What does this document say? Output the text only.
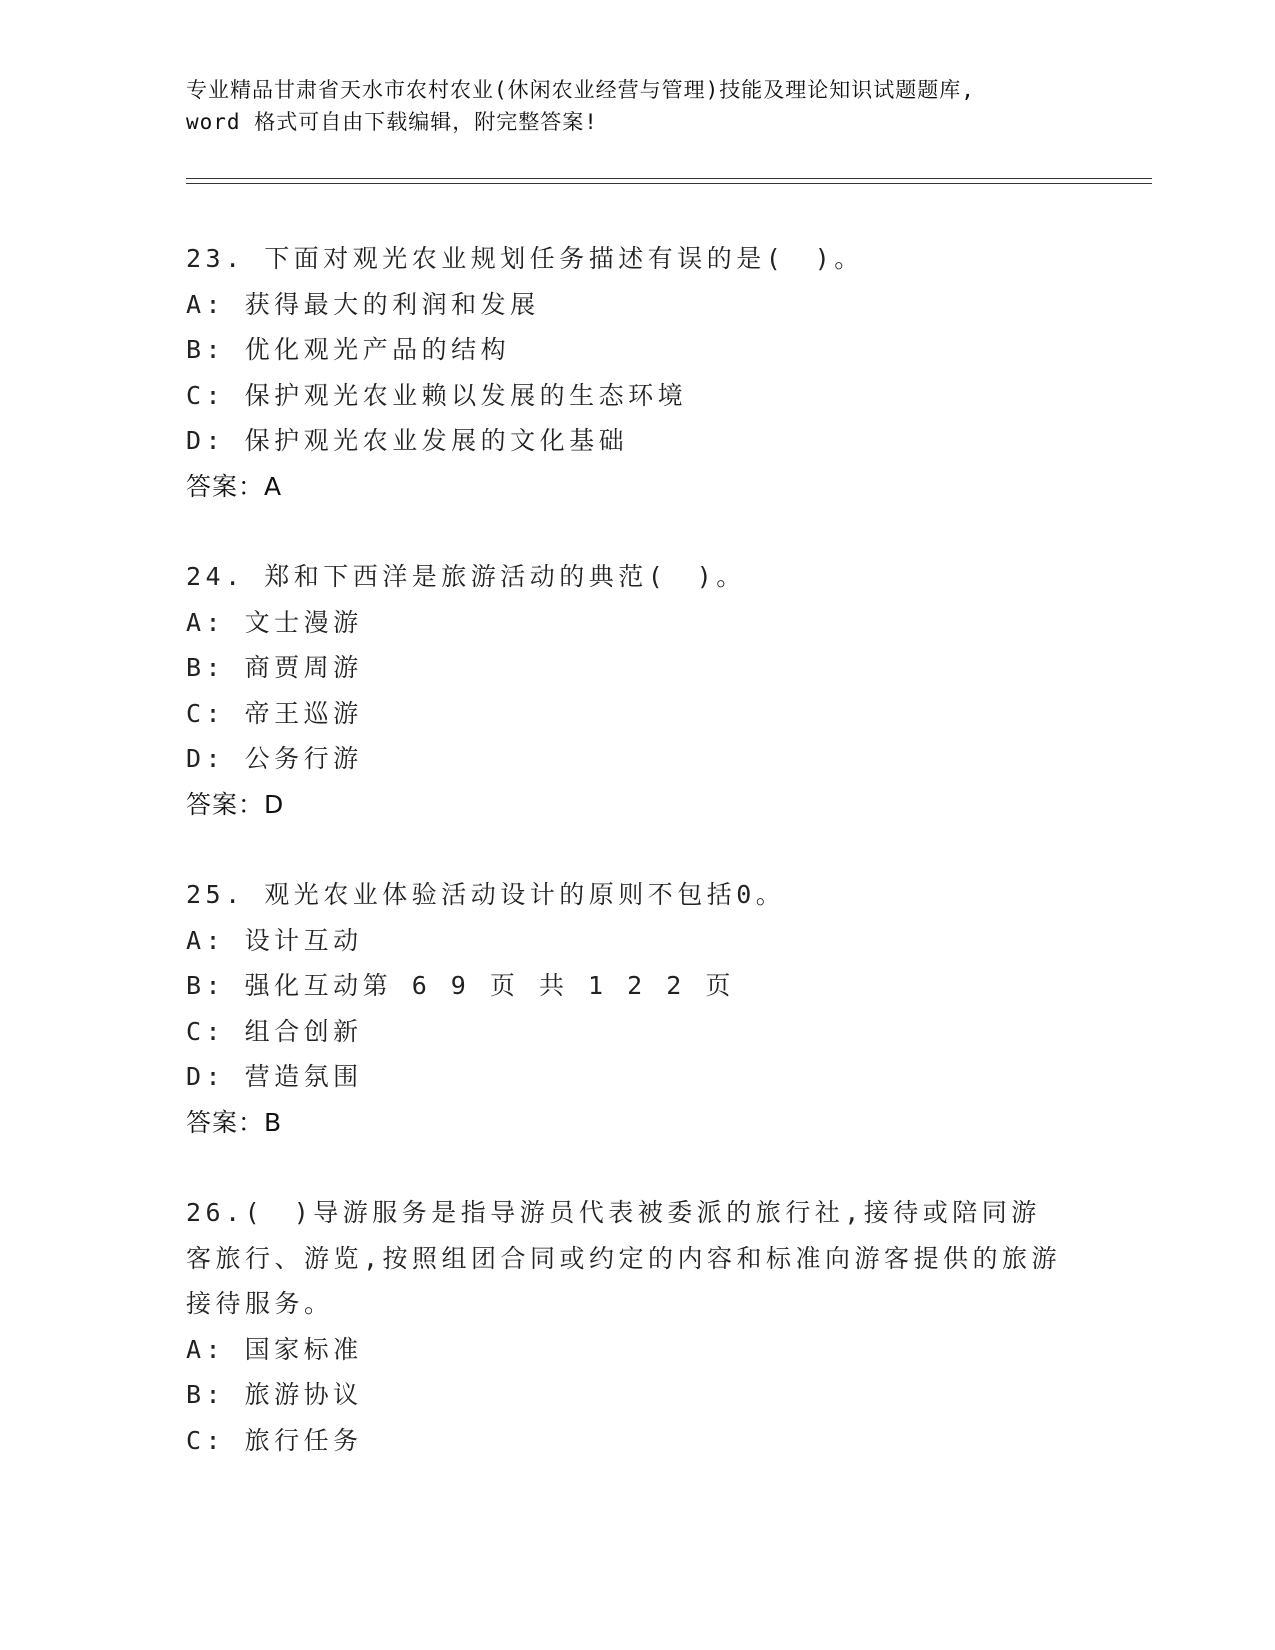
专业精品甘肃省天水市农村农业(休闲农业经营与管理)技能及理论知识试题题库,
word 格式可自由下载编辑，附完整答案!
23. 下面对观光农业规划任务描述有误的是(　)。
A: 获得最大的利润和发展
B: 优化观光产品的结构
C: 保护观光农业赖以发展的生态环境
D: 保护观光农业发展的文化基础
答案：A
24. 郑和下西洋是旅游活动的典范(　)。
A: 文士漫游
B: 商贾周游
C: 帝王巡游
D: 公务行游
答案：D
25. 观光农业体验活动设计的原则不包括0。
A: 设计互动
B: 强化互动第 6 9 页 共 1 2 2 页
C: 组合创新
D: 营造氛围
答案：B
26.(　)导游服务是指导游员代表被委派的旅行社,接待或陪同游客旅行、游览,按照组团合同或约定的内容和标准向游客提供的旅游接待服务。
A: 国家标准
B: 旅游协议
C: 旅行任务
